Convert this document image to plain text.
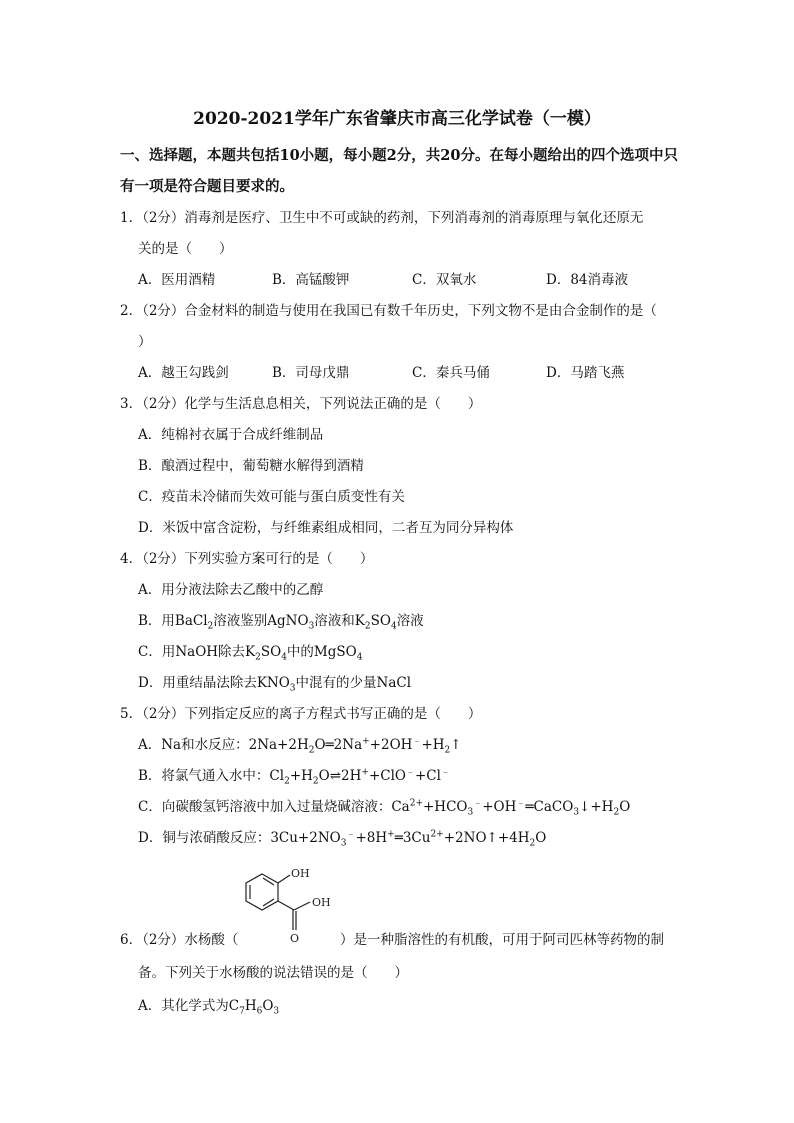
2020-2021学年广东省肇庆市高三化学试卷（一模）
一、选择题，本题共包括10小题，每小题2分，共20分。在每小题给出的四个选项中只
有一项是符合题目要求的。
1．（2分）消毒剂是医疗、卫生中不可或缺的药剂，下列消毒剂的消毒原理与氧化还原无
关的是（　　）
A．医用酒精	B．高锰酸钾	C．双氧水	D．84消毒液
2．（2分）合金材料的制造与使用在我国已有数千年历史，下列文物不是由合金制作的是（
）
A．越王勾践剑	B．司母戊鼎	C．秦兵马俑	D．马踏飞燕
3．（2分）化学与生活息息相关，下列说法正确的是（　　）
A．纯棉衬衣属于合成纤维制品
B．酿酒过程中，葡萄糖水解得到酒精
C．疫苗未冷储而失效可能与蛋白质变性有关
D．米饭中富含淀粉，与纤维素组成相同，二者互为同分异构体
4．（2分）下列实验方案可行的是（　　）
A．用分液法除去乙酸中的乙醇
B．用BaCl$_2$溶液鉴别AgNO$_3$溶液和$K_2SO_4$溶液
C．用NaOH除去$K_2SO_4$中的MgSO$_4$
D．用重结晶法除去$KNO_3$中混有的少量NaCl
5．（2分）下列指定反应的离子方程式书写正确的是（　　）
A．Na和水反应：$2Na+2H_2O═2Na^++2OH^﹣+H_2↑$
B．将氯气通入水中：$Cl_2+H_2O\rightleftharpoons 2H^++ClO^﹣+Cl^﹣$
C．向碳酸氢钙溶液中加入过量烧碱溶液：$Ca^{2+}+HCO_3^﹣+OH^﹣═CaCO_3↓+H_2O$
D．铜与浓硝酸反应：$3Cu+2NO_3^﹣+8H^+═3Cu^{2+}+2NO↑+4H_2O$
OH
OH
O
6．（2分）水杨酸（	）是一种脂溶性的有机酸，可用于阿司匹林等药物的制
备。下列关于水杨酸的说法错误的是（　　）
A．其化学式为$C_7H_6O_3$
